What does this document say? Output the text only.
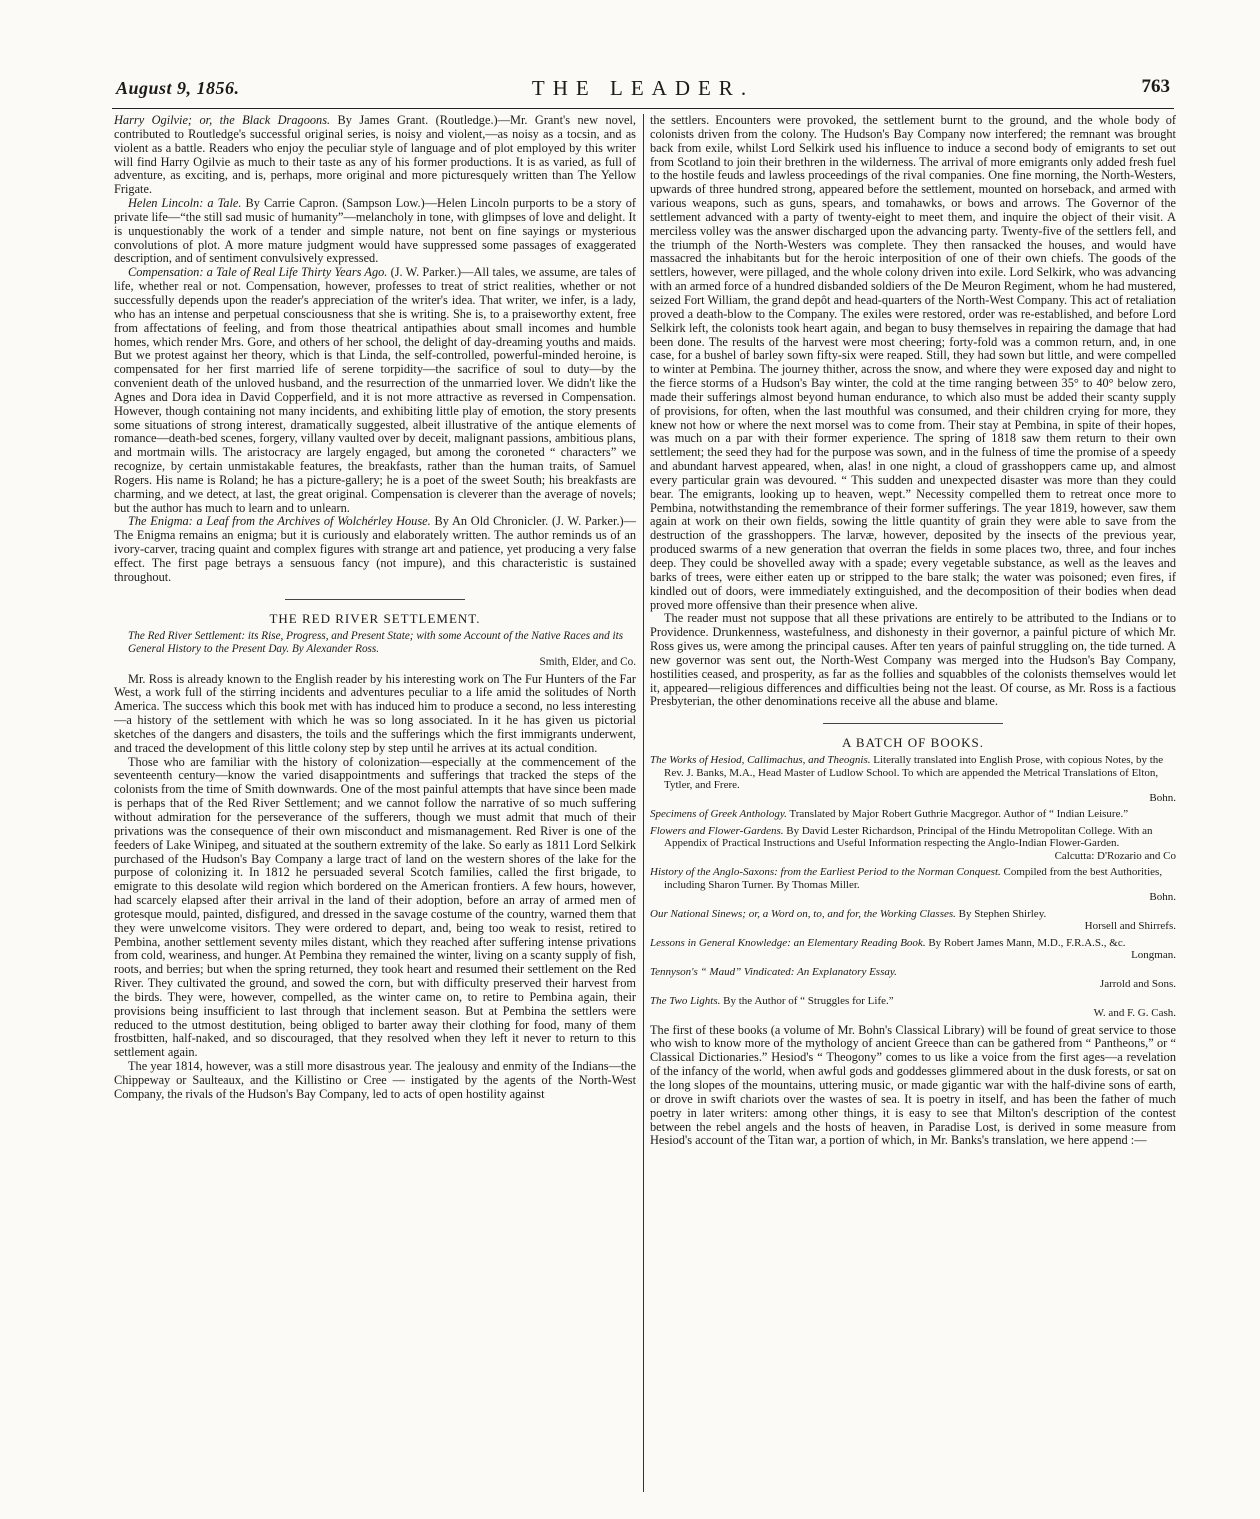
August 9, 1856.	THE LEADER.	763

Harry Ogilvie; or, the Black Dragoons. By James Grant. (Routledge.)—Mr. Grant's new novel, contributed to Routledge's successful original series, is noisy and violent,—as noisy as a tocsin, and as violent as a battle. Readers who enjoy the peculiar style of language and of plot employed by this writer will find Harry Ogilvie as much to their taste as any of his former productions. It is as varied, as full of adventure, as exciting, and is, perhaps, more original and more picturesquely written than The Yellow Frigate.

Helen Lincoln: a Tale. By Carrie Capron. (Sampson Low.)—Helen Lincoln purports to be a story of private life—“the still sad music of humanity”—melancholy in tone, with glimpses of love and delight. It is unquestionably the work of a tender and simple nature, not bent on fine sayings or mysterious convolutions of plot. A more mature judgment would have suppressed some passages of exaggerated description, and of sentiment convulsively expressed.

Compensation: a Tale of Real Life Thirty Years Ago. (J. W. Parker.)—All tales, we assume, are tales of life, whether real or not. Compensation, however, professes to treat of strict realities, whether or not successfully depends upon the reader's appreciation of the writer's idea. That writer, we infer, is a lady, who has an intense and perpetual consciousness that she is writing. She is, to a praiseworthy extent, free from affectations of feeling, and from those theatrical antipathies about small incomes and humble homes, which render Mrs. Gore, and others of her school, the delight of day-dreaming youths and maids. But we protest against her theory, which is that Linda, the self-controlled, powerful-minded heroine, is compensated for her first married life of serene torpidity—the sacrifice of soul to duty—by the convenient death of the unloved husband, and the resurrection of the unmarried lover. We didn't like the Agnes and Dora idea in David Copperfield, and it is not more attractive as reversed in Compensation. However, though containing not many incidents, and exhibiting little play of emotion, the story presents some situations of strong interest, dramatically suggested, albeit illustrative of the antique elements of romance—death-bed scenes, forgery, villany vaulted over by deceit, malignant passions, ambitious plans, and mortmain wills. The aristocracy are largely engaged, but among the coroneted “ characters” we recognize, by certain unmistakable features, the breakfasts, rather than the human traits, of Samuel Rogers. His name is Roland; he has a picture-gallery; he is a poet of the sweet South; his breakfasts are charming, and we detect, at last, the great original. Compensation is cleverer than the average of novels; but the author has much to learn and to unlearn.

The Enigma: a Leaf from the Archives of Wolchérley House. By An Old Chronicler. (J. W. Parker.)—The Enigma remains an enigma; but it is curiously and elaborately written. The author reminds us of an ivory-carver, tracing quaint and complex figures with strange art and patience, yet producing a very false effect. The first page betrays a sensuous fancy (not impure), and this characteristic is sustained throughout.

THE RED RIVER SETTLEMENT.
The Red River Settlement: its Rise, Progress, and Present State; with some Account of the Native Races and its General History to the Present Day. By Alexander Ross.
Smith, Elder, and Co.

Mr. Ross is already known to the English reader by his interesting work on The Fur Hunters of the Far West, a work full of the stirring incidents and adventures peculiar to a life amid the solitudes of North America. The success which this book met with has induced him to produce a second, no less interesting—a history of the settlement with which he was so long associated. In it he has given us pictorial sketches of the dangers and disasters, the toils and the sufferings which the first immigrants underwent, and traced the development of this little colony step by step until he arrives at its actual condition.

Those who are familiar with the history of colonization—especially at the commencement of the seventeenth century—know the varied disappointments and sufferings that tracked the steps of the colonists from the time of Smith downwards. One of the most painful attempts that have since been made is perhaps that of the Red River Settlement; and we cannot follow the narrative of so much suffering without admiration for the perseverance of the sufferers, though we must admit that much of their privations was the consequence of their own misconduct and mismanagement. Red River is one of the feeders of Lake Winipeg, and situated at the southern extremity of the lake. So early as 1811 Lord Selkirk purchased of the Hudson's Bay Company a large tract of land on the western shores of the lake for the purpose of colonizing it. In 1812 he persuaded several Scotch families, called the first brigade, to emigrate to this desolate wild region which bordered on the American frontiers. A few hours, however, had scarcely elapsed after their arrival in the land of their adoption, before an array of armed men of grotesque mould, painted, disfigured, and dressed in the savage costume of the country, warned them that they were unwelcome visitors. They were ordered to depart, and, being too weak to resist, retired to Pembina, another settlement seventy miles distant, which they reached after suffering intense privations from cold, weariness, and hunger. At Pembina they remained the winter, living on a scanty supply of fish, roots, and berries; but when the spring returned, they took heart and resumed their settlement on the Red River. They cultivated the ground, and sowed the corn, but with difficulty preserved their harvest from the birds. They were, however, compelled, as the winter came on, to retire to Pembina again, their provisions being insufficient to last through that inclement season. But at Pembina the settlers were reduced to the utmost destitution, being obliged to barter away their clothing for food, many of them frostbitten, half-naked, and so discouraged, that they resolved when they left it never to return to this settlement again.

The year 1814, however, was a still more disastrous year. The jealousy and enmity of the Indians—the Chippeway or Saulteaux, and the Killistino or Cree — instigated by the agents of the North-West Company, the rivals of the Hudson's Bay Company, led to acts of open hostility against

the settlers. Encounters were provoked, the settlement burnt to the ground, and the whole body of colonists driven from the colony. The Hudson's Bay Company now interfered; the remnant was brought back from exile, whilst Lord Selkirk used his influence to induce a second body of emigrants to set out from Scotland to join their brethren in the wilderness. The arrival of more emigrants only added fresh fuel to the hostile feuds and lawless proceedings of the rival companies. One fine morning, the North-Westers, upwards of three hundred strong, appeared before the settlement, mounted on horseback, and armed with various weapons, such as guns, spears, and tomahawks, or bows and arrows. The Governor of the settlement advanced with a party of twenty-eight to meet them, and inquire the object of their visit. A merciless volley was the answer discharged upon the advancing party. Twenty-five of the settlers fell, and the triumph of the North-Westers was complete. They then ransacked the houses, and would have massacred the inhabitants but for the heroic interposition of one of their own chiefs. The goods of the settlers, however, were pillaged, and the whole colony driven into exile. Lord Selkirk, who was advancing with an armed force of a hundred disbanded soldiers of the De Meuron Regiment, whom he had mustered, seized Fort William, the grand depôt and head-quarters of the North-West Company. This act of retaliation proved a death-blow to the Company. The exiles were restored, order was re-established, and before Lord Selkirk left, the colonists took heart again, and began to busy themselves in repairing the damage that had been done. The results of the harvest were most cheering; forty-fold was a common return, and, in one case, for a bushel of barley sown fifty-six were reaped. Still, they had sown but little, and were compelled to winter at Pembina. The journey thither, across the snow, and where they were exposed day and night to the fierce storms of a Hudson's Bay winter, the cold at the time ranging between 35° to 40° below zero, made their sufferings almost beyond human endurance, to which also must be added their scanty supply of provisions, for often, when the last mouthful was consumed, and their children crying for more, they knew not how or where the next morsel was to come from. Their stay at Pembina, in spite of their hopes, was much on a par with their former experience. The spring of 1818 saw them return to their own settlement; the seed they had for the purpose was sown, and in the fulness of time the promise of a speedy and abundant harvest appeared, when, alas! in one night, a cloud of grasshoppers came up, and almost every particular grain was devoured. “ This sudden and unexpected disaster was more than they could bear. The emigrants, looking up to heaven, wept.” Necessity compelled them to retreat once more to Pembina, notwithstanding the remembrance of their former sufferings. The year 1819, however, saw them again at work on their own fields, sowing the little quantity of grain they were able to save from the destruction of the grasshoppers. The larvæ, however, deposited by the insects of the previous year, produced swarms of a new generation that overran the fields in some places two, three, and four inches deep. They could be shovelled away with a spade; every vegetable substance, as well as the leaves and barks of trees, were either eaten up or stripped to the bare stalk; the water was poisoned; even fires, if kindled out of doors, were immediately extinguished, and the decomposition of their bodies when dead proved more offensive than their presence when alive.

The reader must not suppose that all these privations are entirely to be attributed to the Indians or to Providence. Drunkenness, wastefulness, and dishonesty in their governor, a painful picture of which Mr. Ross gives us, were among the principal causes. After ten years of painful struggling on, the tide turned. A new governor was sent out, the North-West Company was merged into the Hudson's Bay Company, hostilities ceased, and prosperity, as far as the follies and squabbles of the colonists themselves would let it, appeared—religious differences and difficulties being not the least. Of course, as Mr. Ross is a factious Presbyterian, the other denominations receive all the abuse and blame.

A BATCH OF BOOKS.
The Works of Hesiod, Callimachus, and Theognis. Literally translated into English Prose, with copious Notes, by the Rev. J. Banks, M.A., Head Master of Ludlow School. To which are appended the Metrical Translations of Elton, Tytler, and Frere.
Bohn.
Specimens of Greek Anthology. Translated by Major Robert Guthrie Macgregor. Author of “ Indian Leisure.”
Flowers and Flower-Gardens. By David Lester Richardson, Principal of the Hindu Metropolitan College. With an Appendix of Practical Instructions and Useful Information respecting the Anglo-Indian Flower-Garden.
Calcutta: D'Rozario and Co
History of the Anglo-Saxons: from the Earliest Period to the Norman Conquest. Compiled from the best Authorities, including Sharon Turner. By Thomas Miller.
Bohn.
Our National Sinews; or, a Word on, to, and for, the Working Classes. By Stephen Shirley.
Horsell and Shirrefs.
Lessons in General Knowledge: an Elementary Reading Book. By Robert James Mann, M.D., F.R.A.S., &c.
Longman.
Tennyson's “ Maud” Vindicated: An Explanatory Essay.
Jarrold and Sons.
The Two Lights. By the Author of “ Struggles for Life.”
W. and F. G. Cash.

The first of these books (a volume of Mr. Bohn's Classical Library) will be found of great service to those who wish to know more of the mythology of ancient Greece than can be gathered from “ Pantheons,” or “ Classical Dictionaries.” Hesiod's “ Theogony” comes to us like a voice from the first ages—a revelation of the infancy of the world, when awful gods and goddesses glimmered about in the dusk forests, or sat on the long slopes of the mountains, uttering music, or made gigantic war with the half-divine sons of earth, or drove in swift chariots over the wastes of sea. It is poetry in itself, and has been the father of much poetry in later writers: among other things, it is easy to see that Milton's description of the contest between the rebel angels and the hosts of heaven, in Paradise Lost, is derived in some measure from Hesiod's account of the Titan war, a portion of which, in Mr. Banks's translation, we here append :—
